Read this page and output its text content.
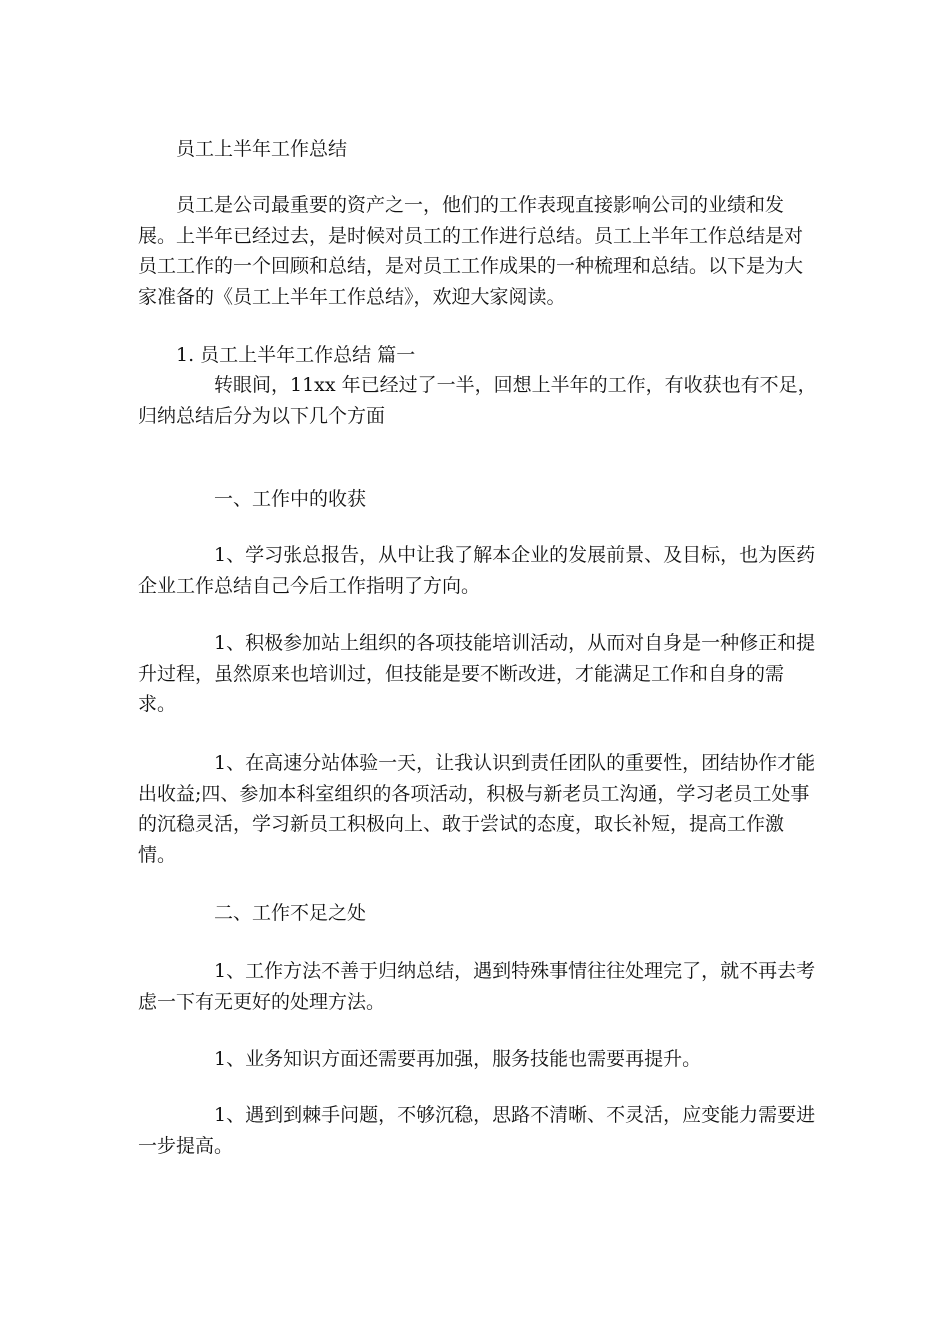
员工上半年工作总结

员工是公司最重要的资产之一，他们的工作表现直接影响公司的业绩和发展。上半年已经过去，是时候对员工的工作进行总结。员工上半年工作总结是对员工工作的一个回顾和总结，是对员工工作成果的一种梳理和总结。以下是为大家准备的《员工上半年工作总结》，欢迎大家阅读。

1. 员工上半年工作总结 篇一

转眼间，11xx 年已经过了一半，回想上半年的工作，有收获也有不足，归纳总结后分为以下几个方面

一、工作中的收获

1、学习张总报告，从中让我了解本企业的发展前景、及目标，也为医药企业工作总结自己今后工作指明了方向。

1、积极参加站上组织的各项技能培训活动，从而对自身是一种修正和提升过程，虽然原来也培训过，但技能是要不断改进，才能满足工作和自身的需求。

1、在高速分站体验一天，让我认识到责任团队的重要性，团结协作才能出收益;四、参加本科室组织的各项活动，积极与新老员工沟通，学习老员工处事的沉稳灵活，学习新员工积极向上、敢于尝试的态度，取长补短，提高工作激情。

二、工作不足之处

1、工作方法不善于归纳总结，遇到特殊事情往往处理完了，就不再去考虑一下有无更好的处理方法。

1、业务知识方面还需要再加强，服务技能也需要再提升。

1、遇到到棘手问题，不够沉稳，思路不清晰、不灵活，应变能力需要进一步提高。
